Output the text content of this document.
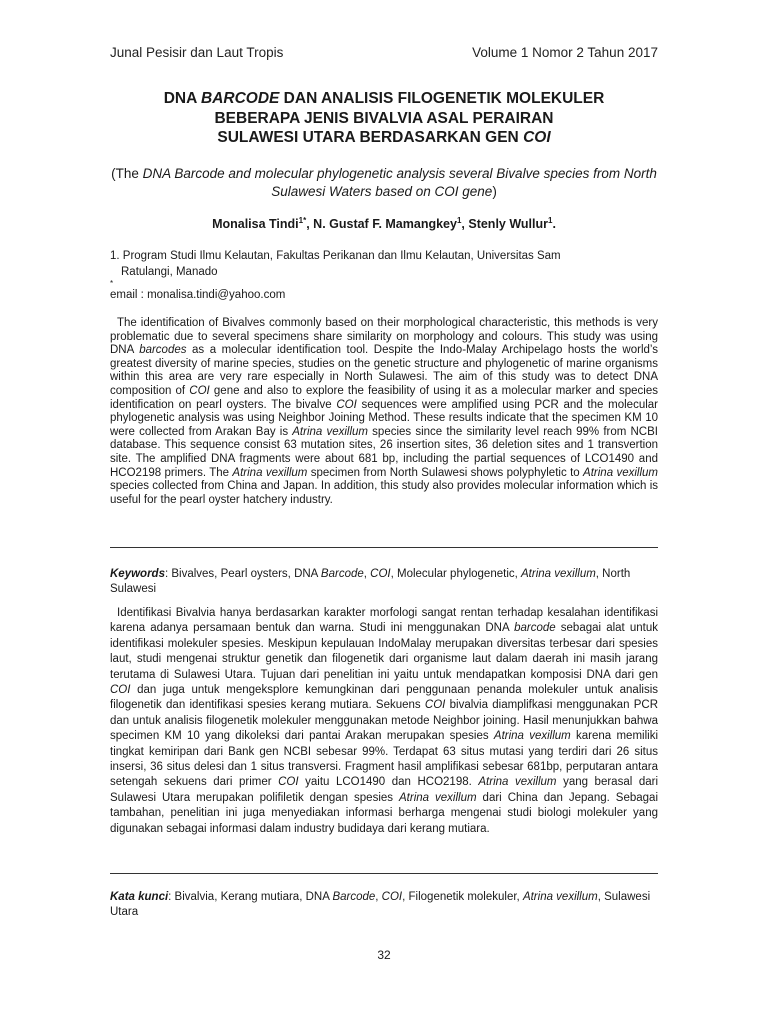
Junal Pesisir dan Laut Tropis	Volume 1 Nomor 2 Tahun 2017
DNA BARCODE DAN ANALISIS FILOGENETIK MOLEKULER
BEBERAPA JENIS BIVALVIA ASAL PERAIRAN
SULAWESI UTARA BERDASARKAN GEN COI
(The DNA Barcode and molecular phylogenetic analysis several Bivalve species from North Sulawesi Waters based on COI gene)
Monalisa Tindi$^{1*}$, N. Gustaf F. Mamangkey$^1$, Stenly Wullur$^1$.
1. Program Studi Ilmu Kelautan, Fakultas Perikanan dan Ilmu Kelautan, Universitas Sam
Ratulangi, Manado
*
email : monalisa.tindi@yahoo.com
The identification of Bivalves commonly based on their morphological characteristic, this methods is very problematic due to several specimens share similarity on morphology and colours. This study was using DNA barcodes as a molecular identification tool. Despite the Indo-Malay Archipelago hosts the world’s greatest diversity of marine species, studies on the genetic structure and phylogenetic of marine organisms within this area are very rare especially in North Sulawesi. The aim of this study was to detect DNA composition of COI gene and also to explore the feasibility of using it as a molecular marker and species identification on pearl oysters. The bivalve COI sequences were amplified using PCR and the molecular phylogenetic analysis was using Neighbor Joining Method. These results indicate that the specimen KM 10 were collected from Arakan Bay is Atrina vexillum species since the similarity level reach 99% from NCBI database. This sequence consist 63 mutation sites, 26 insertion sites, 36 deletion sites and 1 transvertion site. The amplified DNA fragments were about 681 bp, including the partial sequences of LCO1490 and HCO2198 primers. The Atrina vexillum specimen from North Sulawesi shows polyphyletic to Atrina vexillum species collected from China and Japan. In addition, this study also provides molecular information which is useful for the pearl oyster hatchery industry.
Keywords: Bivalves, Pearl oysters, DNA Barcode, COI, Molecular phylogenetic, Atrina vexillum, North Sulawesi
Identifikasi Bivalvia hanya berdasarkan karakter morfologi sangat rentan terhadap kesalahan identifikasi karena adanya persamaan bentuk dan warna. Studi ini menggunakan DNA barcode sebagai alat untuk identifikasi molekuler spesies. Meskipun kepulauan IndoMalay merupakan diversitas terbesar dari spesies laut, studi mengenai struktur genetik dan filogenetik dari organisme laut dalam daerah ini masih jarang terutama di Sulawesi Utara. Tujuan dari penelitian ini yaitu untuk mendapatkan komposisi DNA dari gen COI dan juga untuk mengeksplore kemungkinan dari penggunaan penanda molekuler untuk analisis filogenetik dan identifikasi spesies kerang mutiara. Sekuens COI bivalvia diamplifkasi menggunakan PCR dan untuk analisis filogenetik molekuler menggunakan metode Neighbor joining. Hasil menunjukkan bahwa specimen KM 10 yang dikoleksi dari pantai Arakan merupakan spesies Atrina vexillum karena memiliki tingkat kemiripan dari Bank gen NCBI sebesar 99%. Terdapat 63 situs mutasi yang terdiri dari 26 situs insersi, 36 situs delesi dan 1 situs transversi. Fragment hasil amplifikasi sebesar 681bp, perputaran antara setengah sekuens dari primer COI yaitu LCO1490 dan HCO2198. Atrina vexillum yang berasal dari Sulawesi Utara merupakan polifiletik dengan spesies Atrina vexillum dari China dan Jepang. Sebagai tambahan, penelitian ini juga menyediakan informasi berharga mengenai studi biologi molekuler yang digunakan sebagai informasi dalam industry budidaya dari kerang mutiara.
Kata kunci: Bivalvia, Kerang mutiara, DNA Barcode, COI, Filogenetik molekuler, Atrina vexillum, Sulawesi Utara
32
